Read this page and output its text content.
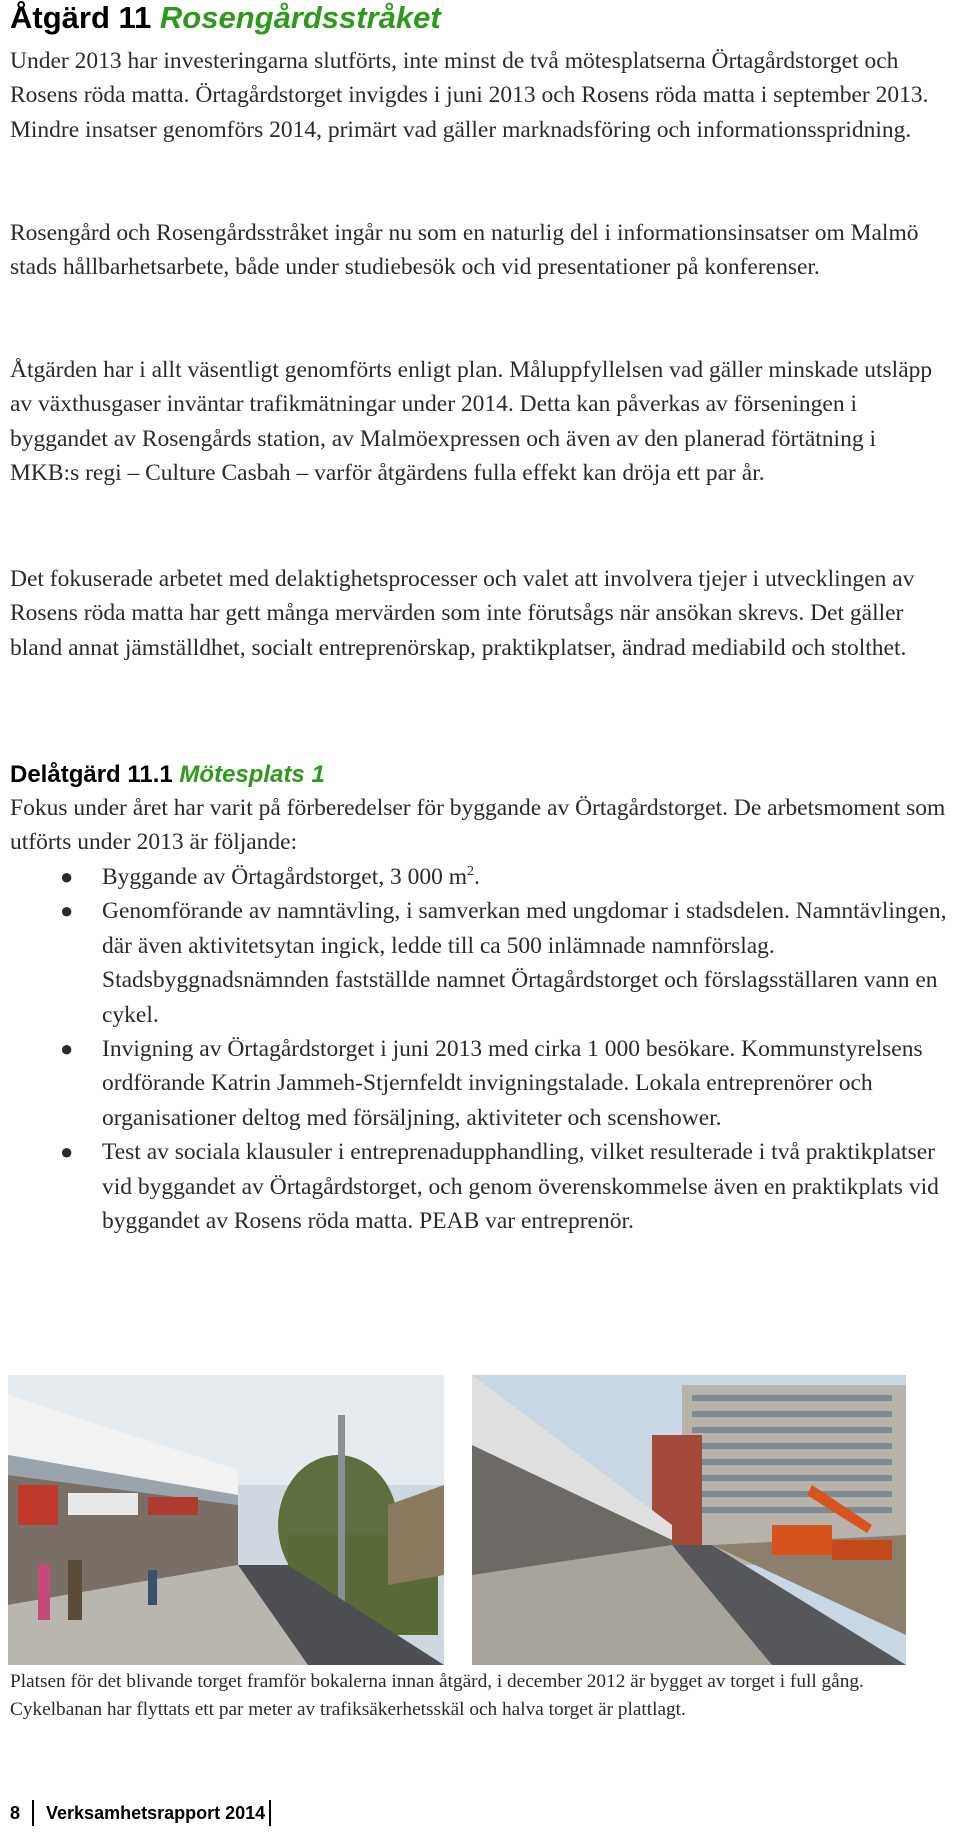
Åtgärd 11 Rosengårdsstråket

Under 2013 har investeringarna slutförts, inte minst de två mötesplatserna Örtagårdstorget och Rosens röda matta. Örtagårdstorget invigdes i juni 2013 och Rosens röda matta i september 2013. Mindre insatser genomförs 2014, primärt vad gäller marknadsföring och informationsspridning.

Rosengård och Rosengårdsstråket ingår nu som en naturlig del i informationsinsatser om Malmö stads hållbarhetsarbete, både under studiebesök och vid presentationer på konferenser.

Åtgärden har i allt väsentligt genomförts enligt plan. Måluppfyllelsen vad gäller minskade utsläpp av växthusgaser inväntar trafikmätningar under 2014. Detta kan påverkas av förseningen i byggandet av Rosengårds station, av Malmöexpressen och även av den planerad förtätning i MKB:s regi – Culture Casbah – varför åtgärdens fulla effekt kan dröja ett par år.

Det fokuserade arbetet med delaktighetsprocesser och valet att involvera tjejer i utvecklingen av Rosens röda matta har gett många mervärden som inte förutsågs när ansökan skrevs. Det gäller bland annat jämställdhet, socialt entreprenörskap, praktikplatser, ändrad mediabild och stolthet.

Delåtgärd 11.1 Mötesplats 1

Fokus under året har varit på förberedelser för byggande av Örtagårdstorget. De arbetsmoment som utförts under 2013 är följande:

● Byggande av Örtagårdstorget, 3 000 $m^2$.
● Genomförande av namntävling, i samverkan med ungdomar i stadsdelen. Namntävlingen, där även aktivitetsytan ingick, ledde till ca 500 inlämnade namnförslag. Stadsbyggnadsnämnden fastställde namnet Örtagårdstorget och förslagsställaren vann en cykel.
● Invigning av Örtagårdstorget i juni 2013 med cirka 1 000 besökare. Kommunstyrelsens ordförande Katrin Jammeh-Stjernfeldt invigningstalade. Lokala entreprenörer och organisationer deltog med försäljning, aktiviteter och scenshower.
● Test av sociala klausuler i entreprenadupphandling, vilket resulterade i två praktikplatser vid byggandet av Örtagårdstorget, och genom överenskommelse även en praktikplats vid byggandet av Rosens röda matta. PEAB var entreprenör.

Platsen för det blivande torget framför bokalerna innan åtgärd, i december 2012 är bygget av torget i full gång. Cykelbanan har flyttats ett par meter av trafiksäkerhetsskäl och halva torget är plattlagt.

8 Verksamhetsrapport 2014
